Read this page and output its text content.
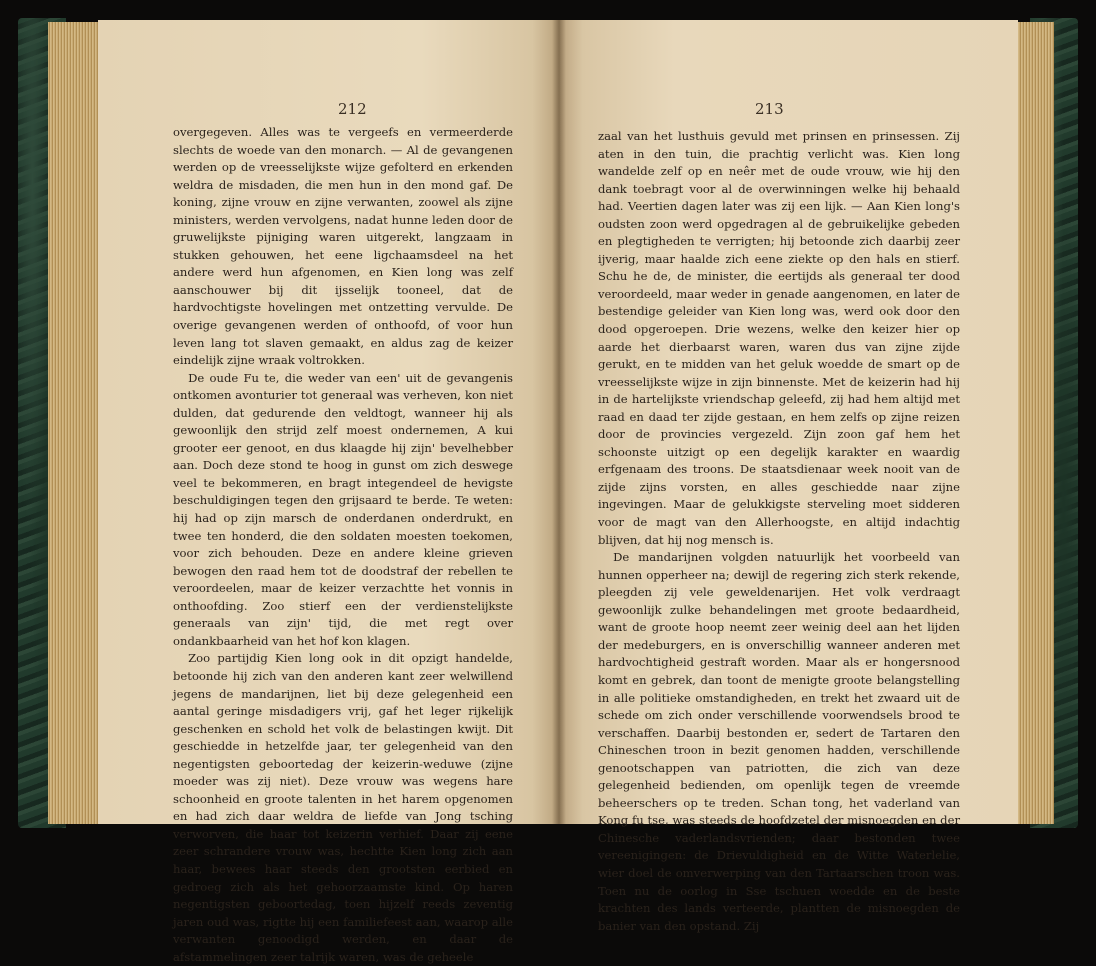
212

overgegeven. Alles was te vergeefs en vermeerderde slechts de woede van den monarch. — Al de gevangenen werden op de vreesselijkste wijze gefolterd en erkenden weldra de misdaden, die men hun in den mond gaf. De koning, zijne vrouw en zijne verwanten, zoowel als zijne ministers, werden vervolgens, nadat hunne leden door de gruwelijkste pijniging waren uitgerekt, langzaam in stukken gehouwen, het eene ligchaamsdeel na het andere werd hun afgenomen, en Kien long was zelf aanschouwer bij dit ijsselijk tooneel, dat de hardvochtigste hovelingen met ontzetting vervulde. De overige gevangenen werden of onthoofd, of voor hun leven lang tot slaven gemaakt, en aldus zag de keizer eindelijk zijne wraak voltrokken.

De oude Fu te, die weder van een' uit de gevangenis ontkomen avonturier tot generaal was verheven, kon niet dulden, dat gedurende den veldtogt, wanneer hij als gewoonlijk den strijd zelf moest ondernemen, A kui grooter eer genoot, en dus klaagde hij zijn' bevelhebber aan. Doch deze stond te hoog in gunst om zich deswege veel te bekommeren, en bragt integendeel de hevigste beschuldigingen tegen den grijsaard te berde. Te weten: hij had op zijn marsch de onderdanen onderdrukt, en twee ten honderd, die den soldaten moesten toekomen, voor zich behouden. Deze en andere kleine grieven bewogen den raad hem tot de doodstraf der rebellen te veroordeelen, maar de keizer verzachtte het vonnis in onthoofding. Zoo stierf een der verdienstelijkste generaals van zijn' tijd, die met regt over ondankbaarheid van het hof kon klagen.

Zoo partijdig Kien long ook in dit opzigt handelde, betoonde hij zich van den anderen kant zeer welwillend jegens de mandarijnen, liet bij deze gelegenheid een aantal geringe misdadigers vrij, gaf het leger rijkelijk geschenken en schold het volk de belastingen kwijt. Dit geschiedde in hetzelfde jaar, ter gelegenheid van den negentigsten geboortedag der keizerin-weduwe (zijne moeder was zij niet). Deze vrouw was wegens hare schoonheid en groote talenten in het harem opgenomen en had zich daar weldra de liefde van Jong tsching verworven, die haar tot keizerin verhief. Daar zij eene zeer schrandere vrouw was, hechtte Kien long zich aan haar, bewees haar steeds den grootsten eerbied en gedroeg zich als het gehoorzaamste kind. Op haren negentigsten geboortedag, toen hijzelf reeds zeventig jaren oud was, rigtte hij een familiefeest aan, waarop alle verwanten genoodigd werden, en daar de afstammelingen zeer talrijk waren, was de geheele

213

zaal van het lusthuis gevuld met prinsen en prinsessen. Zij aten in den tuin, die prachtig verlicht was. Kien long wandelde zelf op en neêr met de oude vrouw, wie hij den dank toebragt voor al de overwinningen welke hij behaald had. Veertien dagen later was zij een lijk. — Aan Kien long's oudsten zoon werd opgedragen al de gebruikelijke gebeden en plegtigheden te verrigten; hij betoonde zich daarbij zeer ijverig, maar haalde zich eene ziekte op den hals en stierf. Schu he de, de minister, die eertijds als generaal ter dood veroordeeld, maar weder in genade aangenomen, en later de bestendige geleider van Kien long was, werd ook door den dood opgeroepen. Drie wezens, welke den keizer hier op aarde het dierbaarst waren, waren dus van zijne zijde gerukt, en te midden van het geluk woedde de smart op de vreesselijkste wijze in zijn binnenste. Met de keizerin had hij in de hartelijkste vriendschap geleefd, zij had hem altijd met raad en daad ter zijde gestaan, en hem zelfs op zijne reizen door de provincies vergezeld. Zijn zoon gaf hem het schoonste uitzigt op een degelijk karakter en waardig erfgenaam des troons. De staatsdienaar week nooit van de zijde zijns vorsten, en alles geschiedde naar zijne ingevingen. Maar de gelukkigste sterveling moet sidderen voor de magt van den Allerhoogste, en altijd indachtig blijven, dat hij nog mensch is.

De mandarijnen volgden natuurlijk het voorbeeld van hunnen opperheer na; dewijl de regering zich sterk rekende, pleegden zij vele geweldenarijen. Het volk verdraagt gewoonlijk zulke behandelingen met groote bedaardheid, want de groote hoop neemt zeer weinig deel aan het lijden der medeburgers, en is onverschillig wanneer anderen met hardvochtigheid gestraft worden. Maar als er hongersnood komt en gebrek, dan toont de menigte groote belangstelling in alle politieke omstandigheden, en trekt het zwaard uit de schede om zich onder verschillende voorwendsels brood te verschaffen. Daarbij bestonden er, sedert de Tartaren den Chineschen troon in bezit genomen hadden, verschillende genootschappen van patriotten, die zich van deze gelegenheid bedienden, om openlijk tegen de vreemde beheerschers op te treden. Schan tong, het vaderland van Kong fu tse, was steeds de hoofdzetel der misnoegden en der Chinesche vaderlandsvrienden; daar bestonden twee vereenigingen: de Drievuldigheid en de Witte Waterlelie, wier doel de omverwerping van den Tartaarschen troon was. Toen nu de oorlog in Sse tschuen woedde en de beste krachten des lands verteerde, plantten de misnoegden de banier van den opstand. Zij
